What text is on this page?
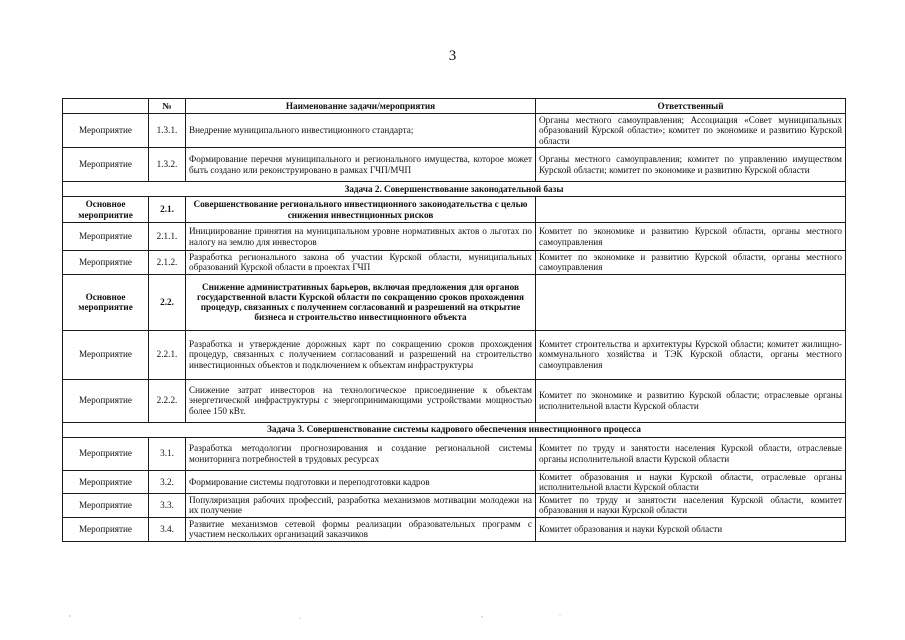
3
	№	Наименование задачи/мероприятия	Ответственный
Мероприятие	1.3.1.	Внедрение муниципального инвестиционного стандарта;	Органы местного самоуправления; Ассоциация «Совет муниципальных образований Курской области»; комитет по экономике и развитию Курской области
Мероприятие	1.3.2.	Формирование перечня муниципального и регионального имущества, которое может быть создано или реконструировано в рамках ГЧП/МЧП	Органы местного самоуправления; комитет по управлению имуществом Курской области; комитет по экономике и развитию Курской области
Задача 2. Совершенствование законодательной базы			
Основное мероприятие	2.1.	Совершенствование регионального инвестиционного законодательства с целью снижения инвестиционных рисков	
Мероприятие	2.1.1.	Инициирование принятия на муниципальном уровне нормативных актов о льготах по налогу на землю для инвесторов	Комитет по экономике и развитию Курской области, органы местного самоуправления
Мероприятие	2.1.2.	Разработка регионального закона об участии Курской области, муниципальных образований Курской области в проектах ГЧП	Комитет по экономике и развитию Курской области, органы местного самоуправления
Основное мероприятие	2.2.	Снижение административных барьеров, включая предложения для органов государственной власти Курской области по сокращению сроков прохождения процедур, связанных с получением согласований и разрешений на открытие бизнеса и строительство инвестиционного объекта	
Мероприятие	2.2.1.	Разработка и утверждение дорожных карт по сокращению сроков прохождения процедур, связанных с получением согласований и разрешений на строительство инвестиционных объектов и подключением к объектам инфраструктуры	Комитет строительства и архитектуры Курской области; комитет жилищно-коммунального хозяйства и ТЭК Курской области, органы местного самоуправления
Мероприятие	2.2.2.	Снижение затрат инвесторов на технологическое присоединение к объектам энергетической инфраструктуры с энергопринимающими устройствами мощностью более 150 кВт.	Комитет по экономике и развитию Курской области; отраслевые органы исполнительной власти Курской области
Задача 3. Совершенствование системы кадрового обеспечения инвестиционного процесса			
Мероприятие	3.1.	Разработка методологии прогнозирования и создание региональной системы мониторинга потребностей в трудовых ресурсах	Комитет по труду и занятости населения Курской области, отраслевые органы исполнительной власти Курской области
Мероприятие	3.2.	Формирование системы подготовки и переподготовки кадров	Комитет образования и науки Курской области, отраслевые органы исполнительной власти Курской области
Мероприятие	3.3.	Популяризация рабочих профессий, разработка механизмов мотивации молодежи на их получение	Комитет по труду и занятости населения Курской области, комитет образования и науки Курской области
Мероприятие	3.4.	Развитие механизмов сетевой формы реализации образовательных программ с участием нескольких организаций заказчиков	Комитет образования и науки Курской области
